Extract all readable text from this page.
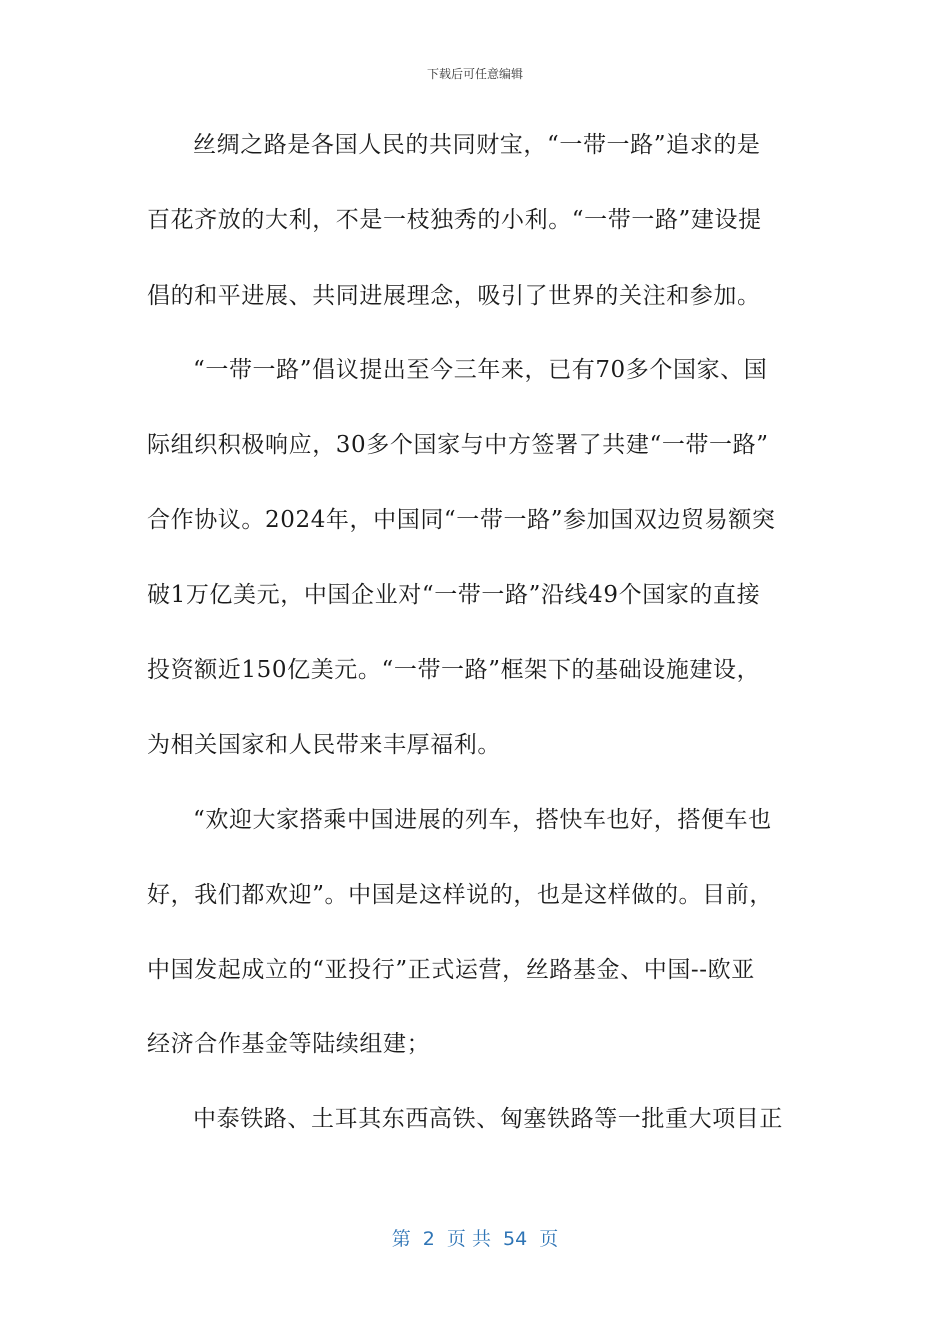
下载后可任意编辑
丝绸之路是各国人民的共同财宝，“一带一路”追求的是
百花齐放的大利，不是一枝独秀的小利。“一带一路”建设提
倡的和平进展、共同进展理念，吸引了世界的关注和参加。
“一带一路”倡议提出至今三年来，已有70多个国家、国
际组织积极响应，30多个国家与中方签署了共建“一带一路”
合作协议。2024年，中国同“一带一路”参加国双边贸易额突
破1万亿美元，中国企业对“一带一路”沿线49个国家的直接
投资额近150亿美元。“一带一路”框架下的基础设施建设，
为相关国家和人民带来丰厚福利。
“欢迎大家搭乘中国进展的列车，搭快车也好，搭便车也
好，我们都欢迎”。中国是这样说的，也是这样做的。目前，
中国发起成立的“亚投行”正式运营，丝路基金、中国--欧亚
经济合作基金等陆续组建；
中泰铁路、土耳其东西高铁、匈塞铁路等一批重大项目正
第  2  页 共  54  页
